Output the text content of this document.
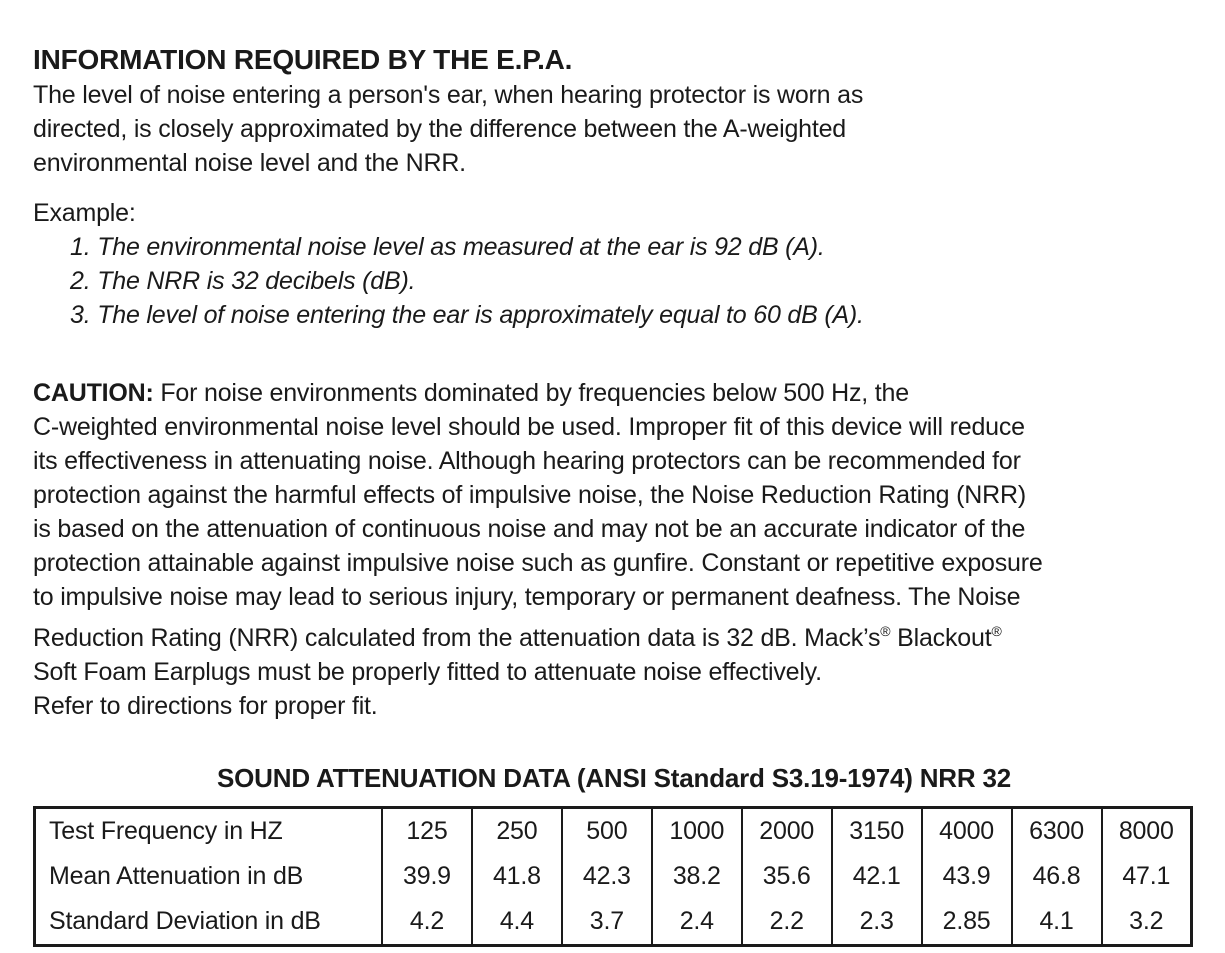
INFORMATION REQUIRED BY THE E.P.A.
The level of noise entering a person's ear, when hearing protector is worn as
directed, is closely approximated by the difference between the A-weighted
environmental noise level and the NRR.
Example:
1. The environmental noise level as measured at the ear is 92 dB (A).
2. The NRR is 32 decibels (dB).
3. The level of noise entering the ear is approximately equal to 60 dB (A).
CAUTION: For noise environments dominated by frequencies below 500 Hz, the
C-weighted environmental noise level should be used. Improper fit of this device will reduce
its effectiveness in attenuating noise. Although hearing protectors can be recommended for
protection against the harmful effects of impulsive noise, the Noise Reduction Rating (NRR)
is based on the attenuation of continuous noise and may not be an accurate indicator of the
protection attainable against impulsive noise such as gunfire. Constant or repetitive exposure
to impulsive noise may lead to serious injury, temporary or permanent deafness. The Noise
Reduction Rating (NRR) calculated from the attenuation data is 32 dB. Mack’s® Blackout®
Soft Foam Earplugs must be properly fitted to attenuate noise effectively.
Refer to directions for proper fit.
SOUND ATTENUATION DATA (ANSI Standard S3.19-1974) NRR 32
Test Frequency in HZ	125	250	500	1000	2000	3150	4000	6300	8000
Mean Attenuation in dB	39.9	41.8	42.3	38.2	35.6	42.1	43.9	46.8	47.1
Standard Deviation in dB	4.2	4.4	3.7	2.4	2.2	2.3	2.85	4.1	3.2
